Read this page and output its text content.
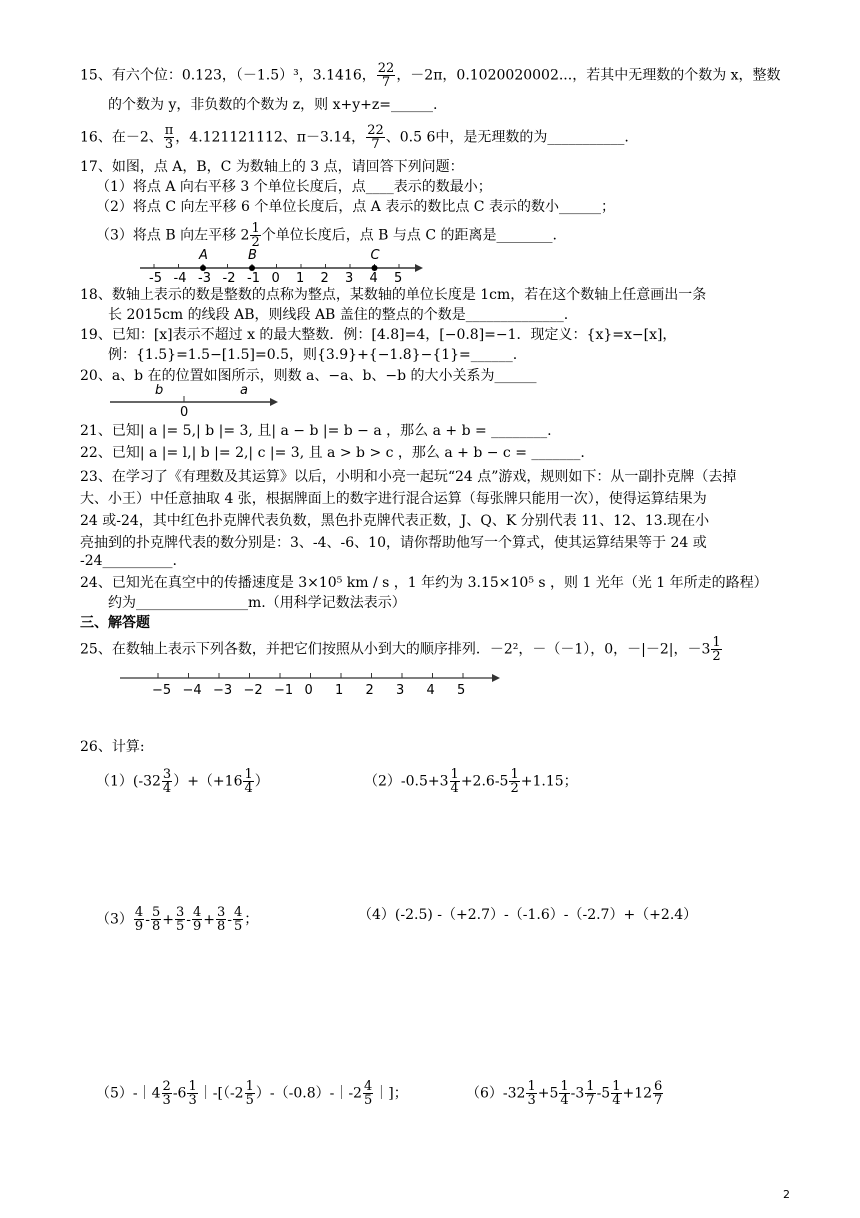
15、有六个位：0.123，（－1.5）³，3.1416， $\frac{22}{7}$ ，－2π，0.1020020002...，若其中无理数的个数为 x，整数
的个数为 y，非负数的个数为 z，则 x+y+z=______.
16、在－2、 $\frac{\pi}{3}$ ，4.121121112、π－3.14， $\frac{22}{7}$ 、0.5 6中，是无理数的为___________.
17、如图，点 A，B，C 为数轴上的 3 点，请回答下列问题：
（1）将点 A 向右平移 3 个单位长度后，点____表示的数最小；
（2）将点 C 向左平移 6 个单位长度后，点 A 表示的数比点 C 表示的数小______；
（3）将点 B 向左平移 $2 \frac{1}{2}$ 个单位长度后，点 B 与点 C 的距离是________.
-5 -4 -3 -2 -1 0 1 2 3 4 5
A	B	C
18、数轴上表示的数是整数的点称为整点，某数轴的单位长度是 1cm，若在这个数轴上任意画出一条
长 2015cm 的线段 AB，则线段 AB 盖住的整点的个数是______________.
19、已知：[x]表示不超过 x 的最大整数．例：[4.8]=4，[−0.8]=−1．现定义：{x}=x−[x]，
例：{1.5}=1.5−[1.5]=0.5，则{3.9}+{−1.8}−{1}=______.
20、a、b 在的位置如图所示，则数 a、−a、b、−b 的大小关系为______
b
0
a
21、已知| a |= 5,| b |= 3, 且| a − b |= b − a ，那么 a + b = ________.
22、已知| a |= l,| b |= 2,| c |= 3, 且 a > b > c ，那么 a + b − c = _______.
23、在学习了《有理数及其运算》以后，小明和小亮一起玩“24 点”游戏，规则如下：从一副扑克牌（去掉
大、小王）中任意抽取 4 张，根据牌面上的数字进行混合运算（每张牌只能用一次），使得运算结果为
24 或-24，其中红色扑克牌代表负数，黑色扑克牌代表正数，J、Q、K 分别代表 11、12、13.现在小
亮抽到的扑克牌代表的数分别是：3、-4、-6、10，请你帮助他写一个算式，使其运算结果等于 24 或
-24__________.
24、已知光在真空中的传播速度是 3×10⁵ km / s ，1 年约为 3.15×10⁵ s ，则 1 光年（光 1 年所走的路程）
约为________________m.（用科学记数法表示）
三、解答题
25、在数轴上表示下列各数，并把它们按照从小到大的顺序排列．－2²，－（－1），0，－|－2|，$-3 \frac{1}{2}$
−5 −4 −3 −2 −1 0 1 2 3 4 5
26、计算:
$(1)(-32 \frac{3}{4} )+(+16 \frac{1}{4}$ ）	$(2)-0.5+3 \frac{1}{4} +2.6-5 \frac{1}{2} +1.15$；
$(3) \frac{4}{9} - \frac{5}{8} + \frac{3}{5} - \frac{4}{9} + \frac{3}{8} - \frac{4}{5}$ ；	（4）(-2.5) -（+2.7）-（-1.6）-（-2.7）+（+2.4）
（5）-｜4 $\frac{2}{3} -6 \frac{1}{3}$ ｜-[（-2 $\frac{1}{5}$ ）-（-0.8）-｜-2 $\frac{4}{5}$ ｜]；	$(6)-32 \frac{1}{3} +5 \frac{1}{4} -3 \frac{1}{7} -5 \frac{1}{4} +12 \frac{6}{7}$
2
